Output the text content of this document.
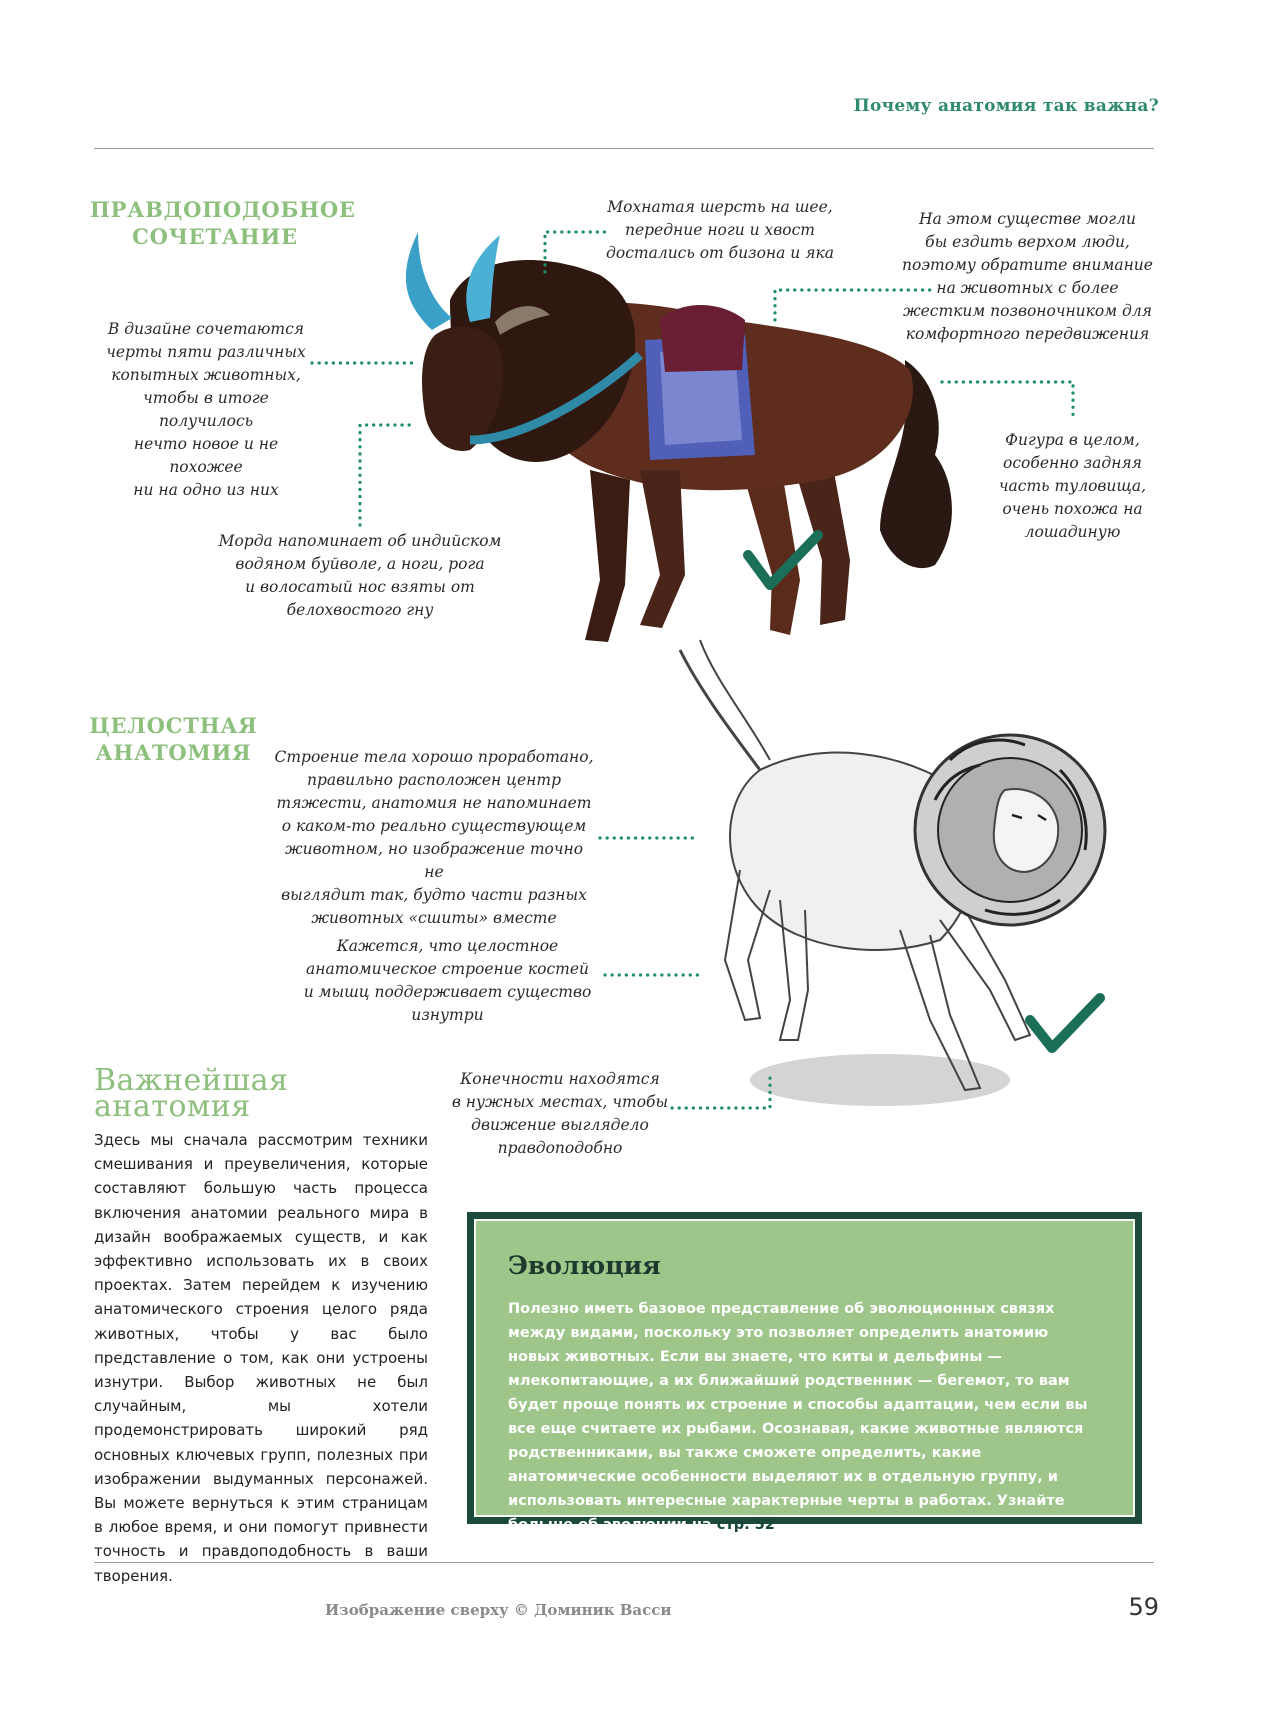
Почему анатомия так важна?
ПРАВДОПОДОБНОЕ
СОЧЕТАНИЕ
В дизайне сочетаются
черты пяти различных
копытных животных,
чтобы в итоге получилось
нечто новое и не похожее
ни на одно из них
Мохнатая шерсть на шее,
передние ноги и хвост
достались от бизона и яка
На этом существе могли
бы ездить верхом люди,
поэтому обратите внимание
на животных с более
жестким позвоночником для
комфортного передвижения
Фигура в целом,
особенно задняя
часть туловища,
очень похожа на
лошадиную
Морда напоминает об индийском
водяном буйволе, а ноги, рога
и волосатый нос взяты от
белохвостого гну
ЦЕЛОСТНАЯ
АНАТОМИЯ	Строение тела хорошо проработано,
правильно расположен центр
тяжести, анатомия не напоминает
о каком-то реально существующем
животном, но изображение точно не
выглядит так, будто части разных
животных «сшиты» вместе
Кажется, что целостное
анатомическое строение костей
и мышц поддерживает существо
изнутри
Конечности находятся
в нужных местах, чтобы
движение выглядело
правдоподобно
Важнейшая
анатомия

Здесь мы сначала рассмотрим техники смешивания и преувеличения, которые составляют большую часть процесса включения анатомии реального мира в дизайн воображаемых существ, и как эффективно использовать их в своих проектах. Затем перейдем к изучению анатомического строения целого ряда животных, чтобы у вас было представление о том, как они устроены изнутри. Выбор животных не был случайным, мы хотели продемонстрировать широкий ряд основных ключевых групп, полезных при изображении выдуманных персонажей. Вы можете вернуться к этим страницам в любое время, и они помогут привнести точность и правдоподобность в ваши творения.

Эволюция
Полезно иметь базовое представление об эволюционных связях между видами, поскольку это позволяет определить анатомию новых животных. Если вы знаете, что киты и дельфины — млекопитающие, а их ближайший родственник — бегемот, то вам будет проще понять их строение и способы адаптации, чем если вы все еще считаете их рыбами. Осознавая, какие животные являются родственниками, вы также сможете определить, какие анатомические особенности выделяют их в отдельную группу, и использовать интересные характерные черты в работах. Узнайте больше об эволюции на стр. 52.
Изображение сверху © Доминик Васси	59
